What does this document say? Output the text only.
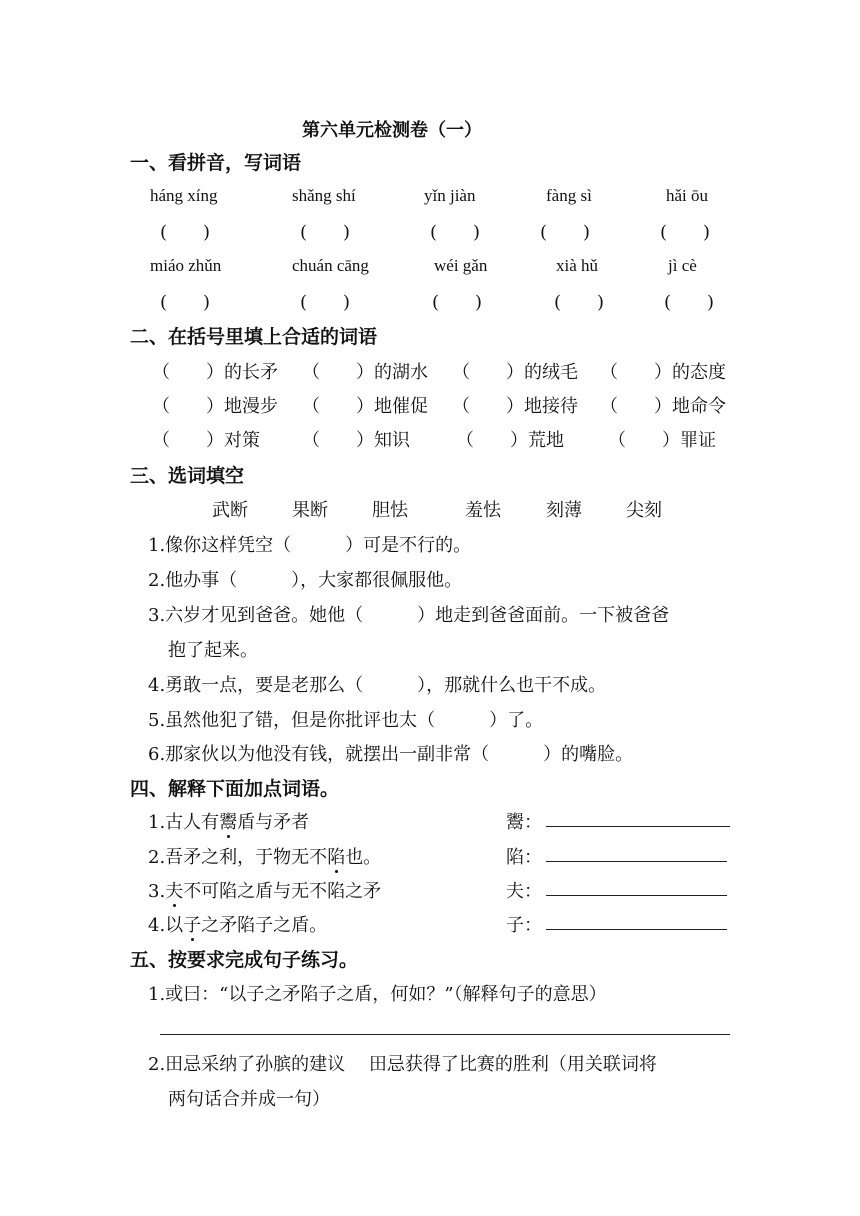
第六单元检测卷（一）
一、看拼音，写词语
háng xíng	shǎng shí	yǐn jiàn	fàng sì	hǎi ōu
(　　)	(　　)	(　　)	(　　)	(　　)
miáo zhǔn	chuán cāng	wéi gǎn	xià hǔ	jì cè
(　　)	(　　)	(　　)	(　　)	(　　)
二、在括号里填上合适的词语
（　　）的长矛 （　　）的湖水 （　　）的绒毛 （　　）的态度
（　　）地漫步 （　　）地催促 （　　）地接待 （　　）地命令
（　　）对策 （　　）知识	（　　）荒地 （　　）罪证
三、选词填空
武断 果断 胆怯	羞怯	刻薄 尖刻
1.像你这样凭空（　　　）可是不行的。
2.他办事（　　　），大家都很佩服他。
3.六岁才见到爸爸。她他（　　　）地走到爸爸面前。一下被爸爸
抱了起来。
4.勇敢一点，要是老那么（　　　），那就什么也干不成。
5.虽然他犯了错，但是你批评也太（　　　）了。
6.那家伙以为他没有钱，就摆出一副非常（　　　）的嘴脸。
四、解释下面加点词语。
1.古人有鬻盾与矛者	鬻：
2.吾矛之利，于物无不陷也。	陷：
3.夫不可陷之盾与无不陷之矛	夫：
4.以子之矛陷子之盾。	子：
五、按要求完成句子练习。
1.或曰：“以子之矛陷子之盾，何如？”（解释句子的意思）
2.田忌采纳了孙膑的建议　 田忌获得了比赛的胜利（用关联词将
两句话合并成一句）
